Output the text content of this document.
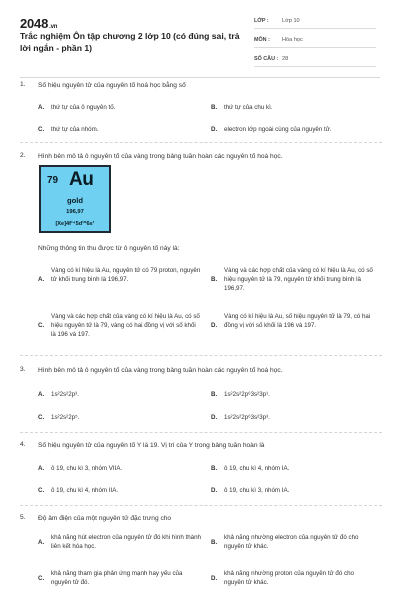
2048.vn
Trắc nghiệm Ôn tập chương 2 lớp 10 (có đúng sai, trả lời ngắn - phần 1)
LỚP :	Lớp 10
MÔN :	Hóa học
SỐ CÂU : 28
1. Số hiệu nguyên tử của nguyên tố hoá học bằng số
A. thứ tự của ô nguyên tố.	B. thứ tự của chu kì.
C. thứ tự của nhóm.	D. electron lớp ngoài cùng của nguyên tử.
2. Hình bên mô tả ô nguyên tố của vàng trong bảng tuần hoàn các nguyên tố hoá học.
79 Au
gold
196,97
[Xe]4f¹⁴5d¹⁰6s¹
Những thông tin thu được từ ô nguyên tố này là:
A.
Vàng có kí hiệu là Au, nguyên tử có 79 proton, nguyên tử khối trung bình là 196,97.	B.
Vàng và các hợp chất của vàng có kí hiệu là Au, có số hiệu nguyên tử là 79, nguyên tử khối trung bình là 196,97.
C.
Vàng và các hợp chất của vàng có kí hiệu là Au, có số hiệu nguyên tử là 79, vàng có hai đồng vị với số khối là 196 và 197.
D.
Vàng có kí hiệu là Au, số hiệu nguyên tử là 79, có hai đồng vị với số khối là 196 và 197.
3. Hình bên mô tả ô nguyên tố của vàng trong bảng tuần hoàn các nguyên tố hoá học.
A. 1s²2s²2p³.	B. 1s²2s²2p⁶3s²3p¹.
C. 1s²2s²2p⁵.	D. 1s²2s²2p⁶3s²3p³.
4. Số hiệu nguyên tử của nguyên tố Y là 19. Vị trí của Y trong bảng tuần hoàn là
A. ô 19, chu kì 3, nhóm VIIA.	B. ô 19, chu kì 4, nhóm IA.
C. ô 19, chu kì 4, nhóm IIA.	D. ô 19, chu kì 3, nhóm IA.
5. Độ âm điện của một nguyên tử đặc trưng cho
A.
khả năng hút electron của nguyên tử đó khi hình thành liên kết hóa học.
B.
khả năng nhường electron của nguyên tử đó cho nguyên tử khác.
C.
khả năng tham gia phản ứng mạnh hay yếu của nguyên tử đó.
D.
khả năng nhường proton của nguyên tử đó cho nguyên tử khác.
